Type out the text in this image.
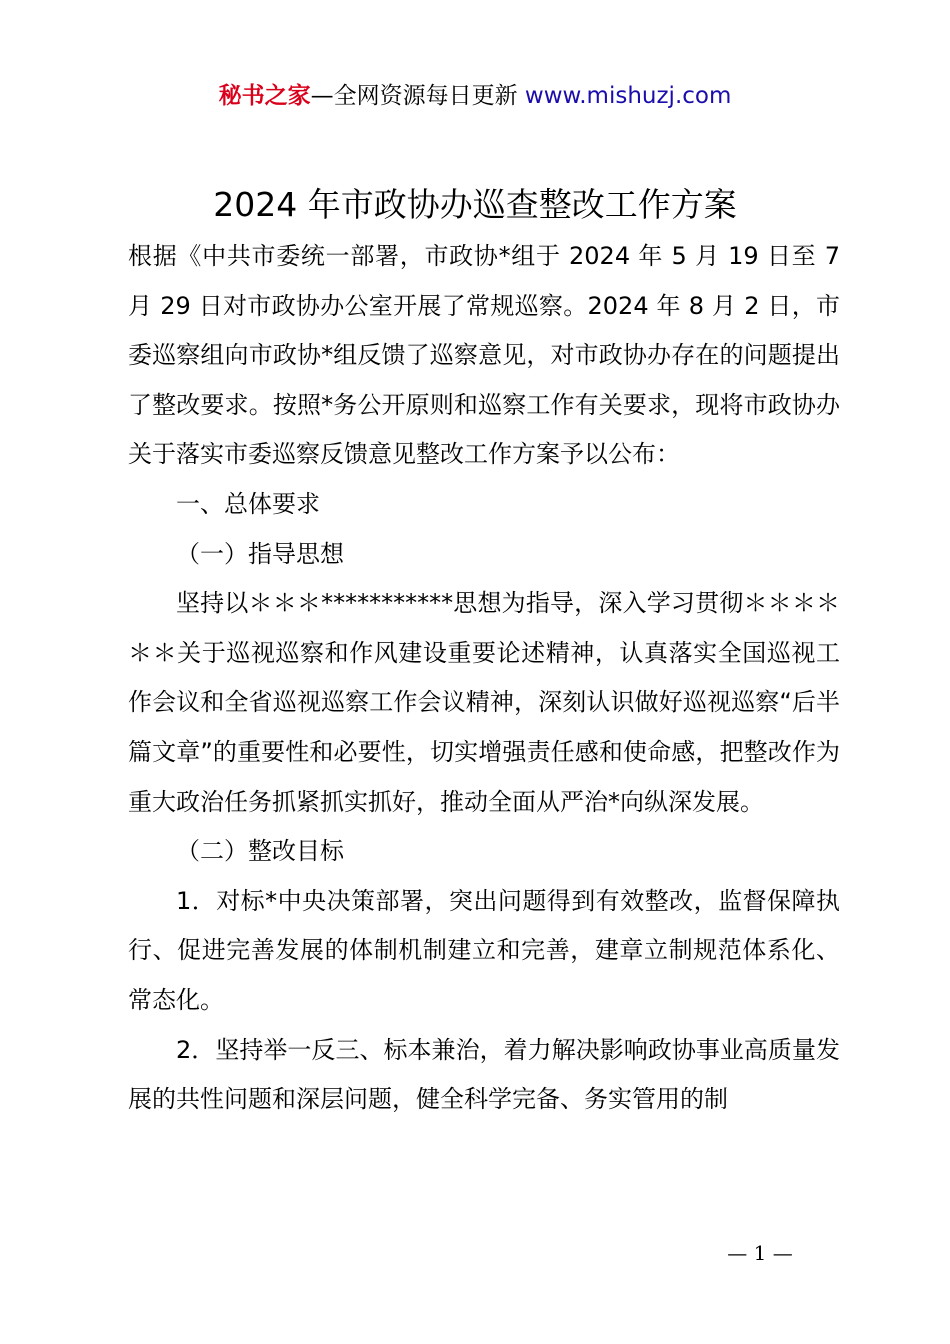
秘书之家—全网资源每日更新 www.mishuzj.com
2024 年市政协办巡查整改工作方案

根据《中共市委统一部署，市政协*组于 2024 年 5 月 19 日至 7 月 29 日对市政协办公室开展了常规巡察。2024 年 8 月 2 日，市委巡察组向市政协*组反馈了巡察意见，对市政协办存在的问题提出了整改要求。按照*务公开原则和巡察工作有关要求，现将市政协办关于落实市委巡察反馈意见整改工作方案予以公布：

一、总体要求

（一）指导思想

坚持以＊＊＊***********思想为指导，深入学习贯彻＊＊＊＊＊＊关于巡视巡察和作风建设重要论述精神，认真落实全国巡视工作会议和全省巡视巡察工作会议精神，深刻认识做好巡视巡察“后半篇文章”的重要性和必要性，切实增强责任感和使命感，把整改作为重大政治任务抓紧抓实抓好，推动全面从严治*向纵深发展。

（二）整改目标

1．对标*中央决策部署，突出问题得到有效整改，监督保障执行、促进完善发展的体制机制建立和完善，建章立制规范体系化、常态化。

2．坚持举一反三、标本兼治，着力解决影响政协事业高质量发展的共性问题和深层问题，健全科学完备、务实管用的制

— 1 —
